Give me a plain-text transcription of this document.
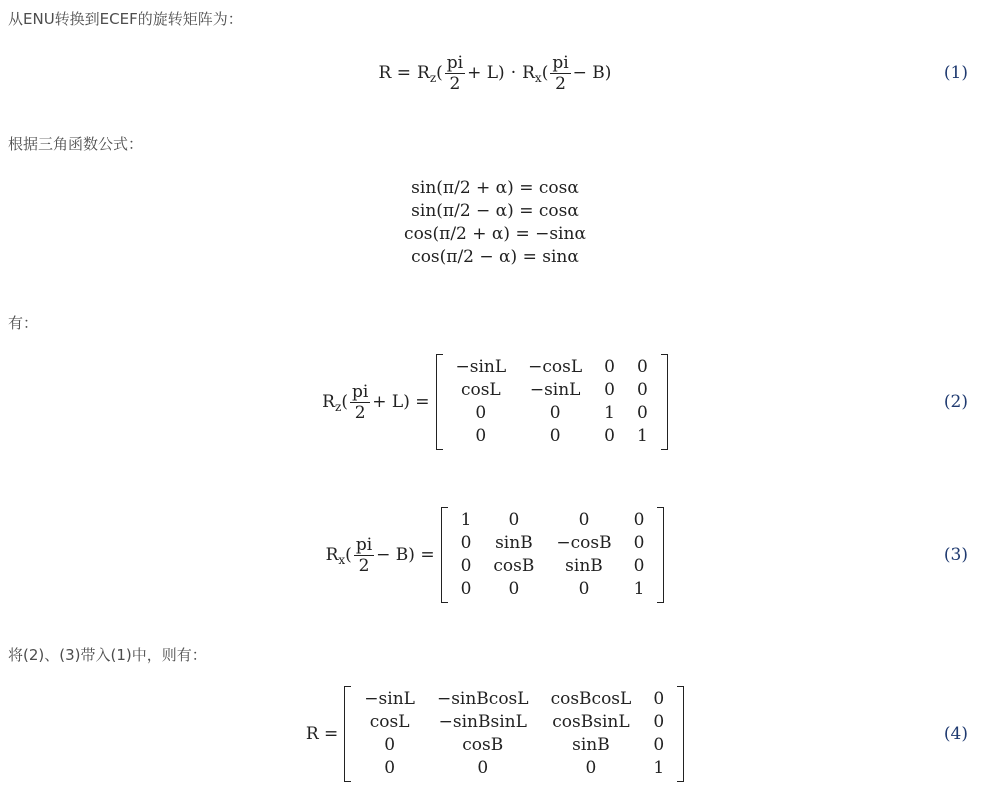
从ENU转换到ECEF的旋转矩阵为：
R = R z ( $\frac{pi}{2} + L) \cdot R$ x ( $\frac{pi}{2} - B$)	(1)
根据三角函数公式：
sin(π/2 + α) = cosα
sin(π/2 − α) = cosα
cos(π/2 + α) = −sinα
cos(π/2 − α) = sinα
有：
R z ( $\frac{pi}{2} + L$) =
−sinL	−cosL	0	0
cosL	−sinL	0	0
0	0	1	0
0	0	0	1
(2)
R x ( $\frac{pi}{2} - B$) =
1	0	0	0
0	sinB	−cosB	0
0	cosB	sinB	0
0	0	0	1
(3)
将(2)、(3)带入(1)中，则有：
R =
−sinL	−sinBcosL	cosBcosL	0
cosL	−sinBsinL	cosBsinL	0
0	cosB	sinB	0
0	0	0	1
(4)
